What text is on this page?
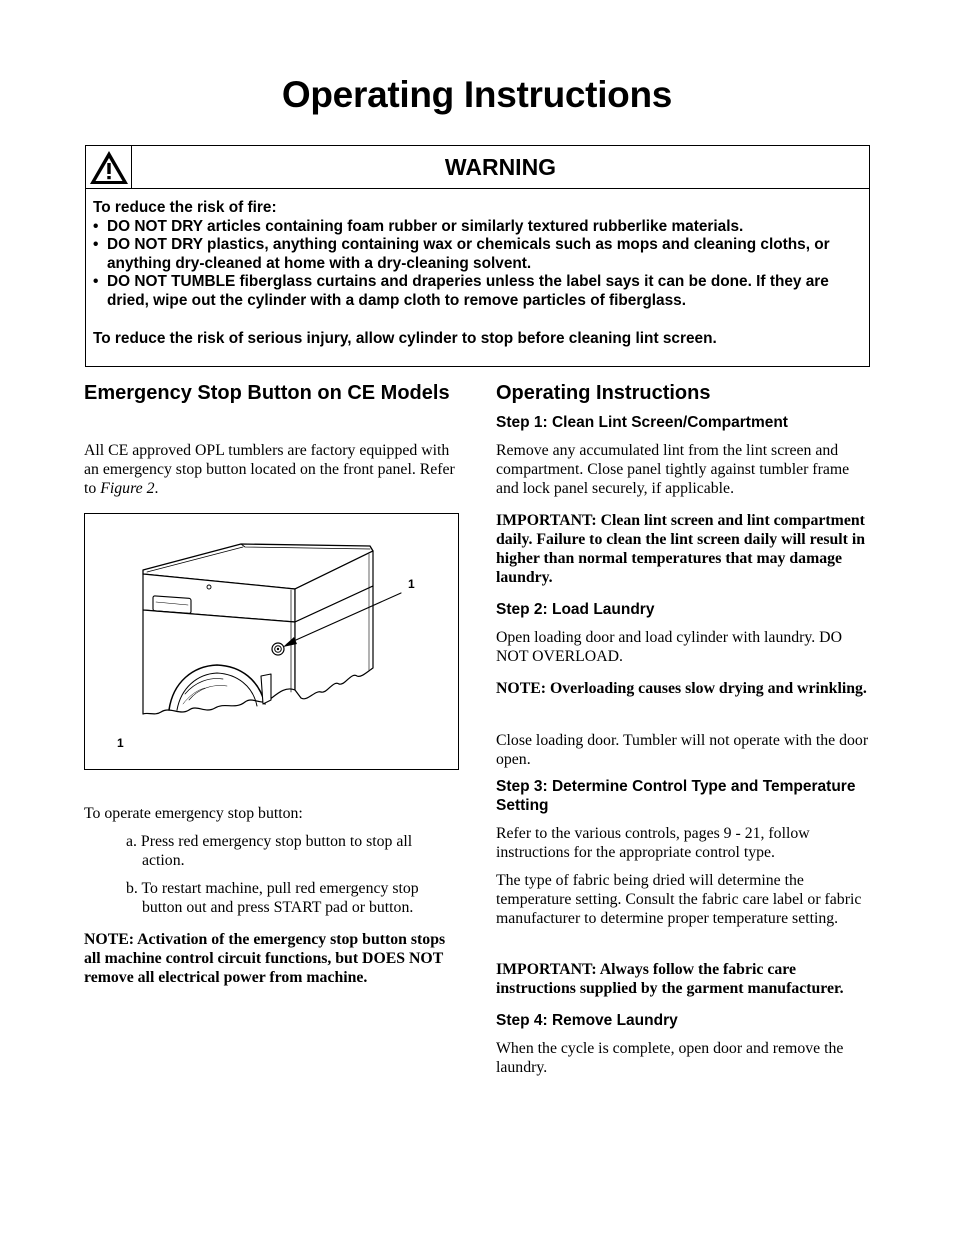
Operating Instructions
WARNING
To reduce the risk of fire:
• DO NOT DRY articles containing foam rubber or similarly textured rubberlike materials.
• DO NOT DRY plastics, anything containing wax or chemicals such as mops and cleaning cloths, or anything dry-cleaned at home with a dry-cleaning solvent.
• DO NOT TUMBLE fiberglass curtains and draperies unless the label says it can be done. If they are dried, wipe out the cylinder with a damp cloth to remove particles of fiberglass.
To reduce the risk of serious injury, allow cylinder to stop before cleaning lint screen.
Emergency Stop Button on CE Models
All CE approved OPL tumblers are factory equipped with an emergency stop button located on the front panel. Refer to Figure 2.
1
1
To operate emergency stop button:
a. Press red emergency stop button to stop all action.
b. To restart machine, pull red emergency stop button out and press START pad or button.
NOTE: Activation of the emergency stop button stops all machine control circuit functions, but DOES NOT remove all electrical power from machine.
Operating Instructions
Step 1: Clean Lint Screen/Compartment
Remove any accumulated lint from the lint screen and compartment. Close panel tightly against tumbler frame and lock panel securely, if applicable.
IMPORTANT: Clean lint screen and lint compartment daily. Failure to clean the lint screen daily will result in higher than normal temperatures that may damage laundry.
Step 2: Load Laundry
Open loading door and load cylinder with laundry. DO NOT OVERLOAD.
NOTE: Overloading causes slow drying and wrinkling.
Close loading door. Tumbler will not operate with the door open.
Step 3: Determine Control Type and Temperature Setting
Refer to the various controls, pages 9 - 21, follow instructions for the appropriate control type.
The type of fabric being dried will determine the temperature setting. Consult the fabric care label or fabric manufacturer to determine proper temperature setting.
IMPORTANT: Always follow the fabric care instructions supplied by the garment manufacturer.
Step 4: Remove Laundry
When the cycle is complete, open door and remove the laundry.
